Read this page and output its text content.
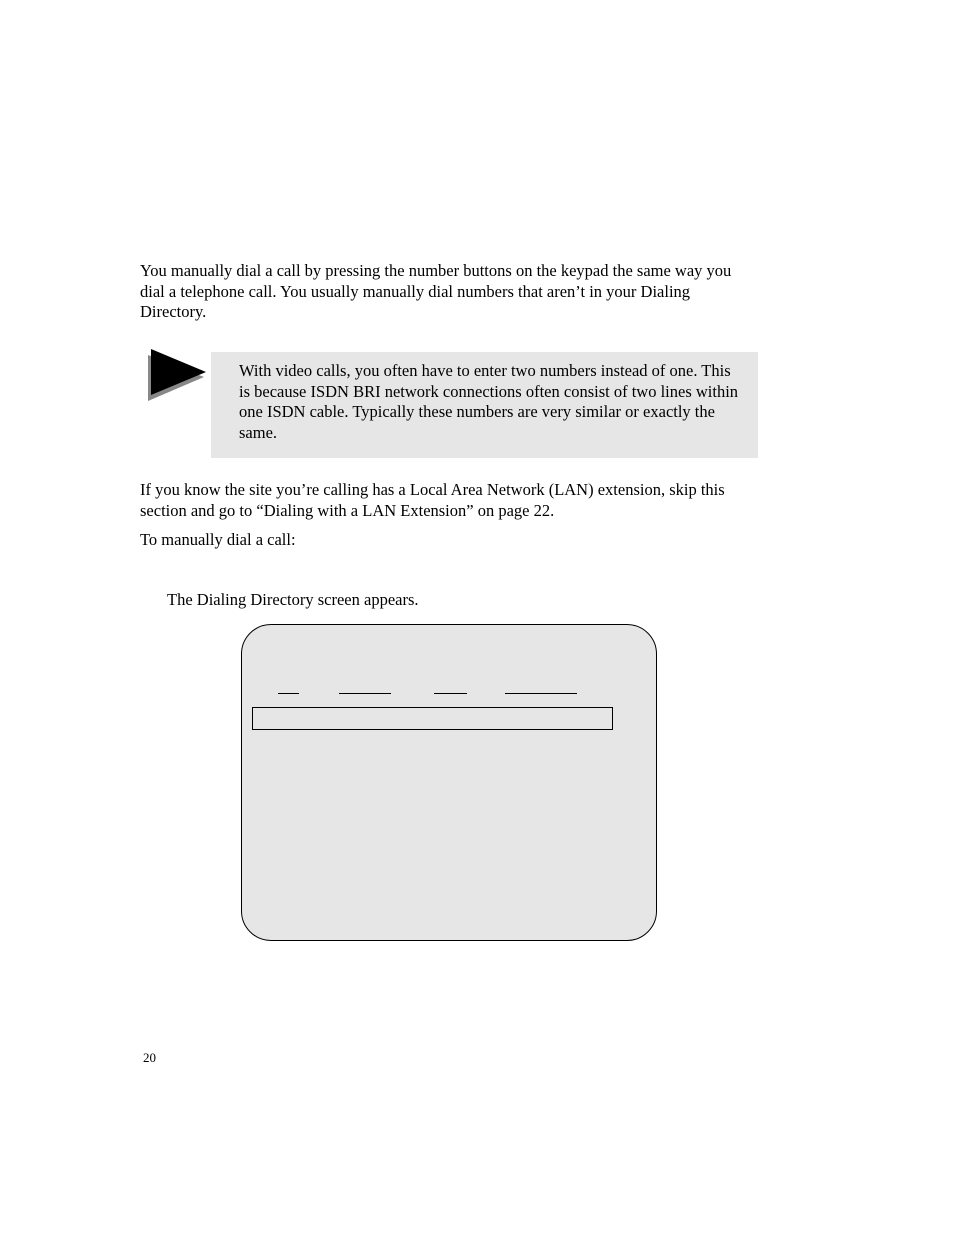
You manually dial a call by pressing the number buttons on the keypad the same way you dial a telephone call. You usually manually dial numbers that aren’t in your Dialing Directory.

With video calls, you often have to enter two numbers instead of one. This is because ISDN BRI network connections often consist of two lines within one ISDN cable. Typically these numbers are very similar or exactly the same.

If you know the site you’re calling has a Local Area Network (LAN) extension, skip this section and go to “Dialing with a LAN Extension” on page 22.

To manually dial a call:

The Dialing Directory screen appears.

20
